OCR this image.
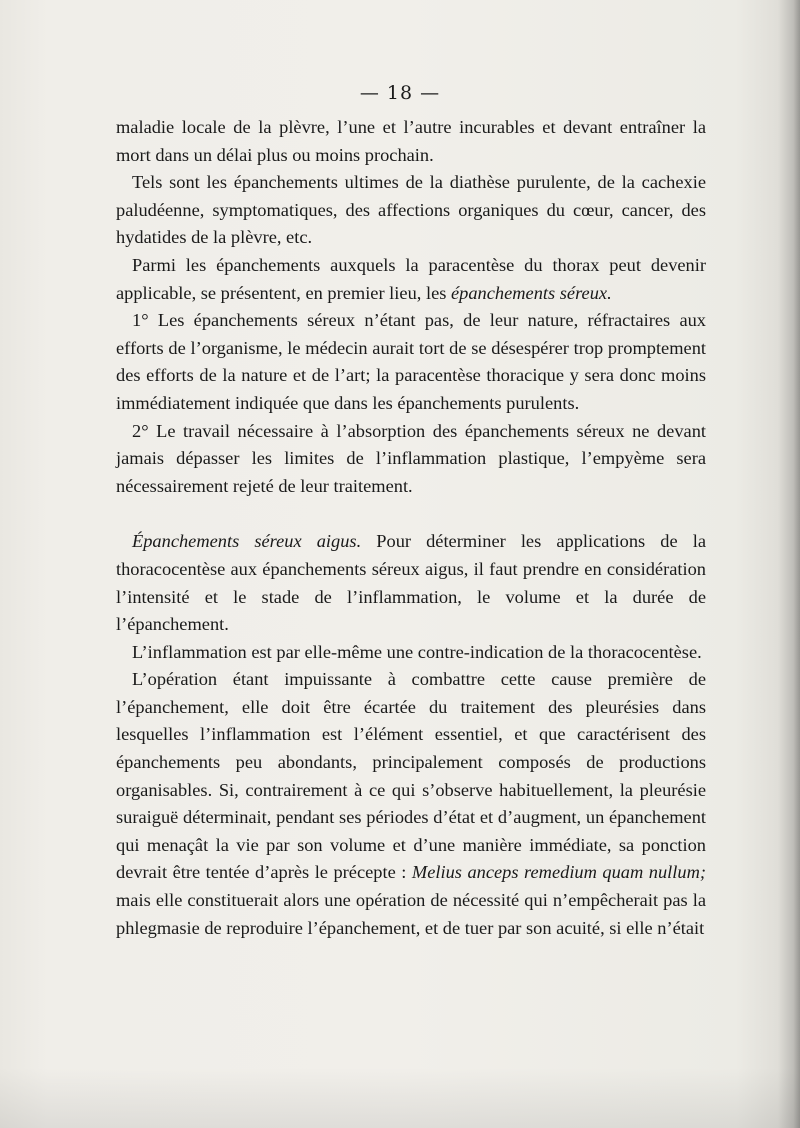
— 18 —

maladie locale de la plèvre, l’une et l’autre incurables et devant entraîner la mort dans un délai plus ou moins prochain.

Tels sont les épanchements ultimes de la diathèse purulente, de la cachexie paludéenne, symptomatiques, des affections organiques du cœur, cancer, des hydatides de la plèvre, etc.

Parmi les épanchements auxquels la paracentèse du thorax peut devenir applicable, se présentent, en premier lieu, les épanchements séreux.

1° Les épanchements séreux n’étant pas, de leur nature, réfractaires aux efforts de l’organisme, le médecin aurait tort de se désespérer trop promptement des efforts de la nature et de l’art; la paracentèse thoracique y sera donc moins immédiatement indiquée que dans les épanchements purulents.

2° Le travail nécessaire à l’absorption des épanchements séreux ne devant jamais dépasser les limites de l’inflammation plastique, l’empyème sera nécessairement rejeté de leur traitement.

Épanchements séreux aigus. Pour déterminer les applications de la thoracocentèse aux épanchements séreux aigus, il faut prendre en considération l’intensité et le stade de l’inflammation, le volume et la durée de l’épanchement.

L’inflammation est par elle-même une contre-indication de la thoracocentèse.

L’opération étant impuissante à combattre cette cause première de l’épanchement, elle doit être écartée du traitement des pleurésies dans lesquelles l’inflammation est l’élément essentiel, et que caractérisent des épanchements peu abondants, principalement composés de productions organisables. Si, contrairement à ce qui s’observe habituellement, la pleurésie suraiguë déterminait, pendant ses périodes d’état et d’augment, un épanchement qui menaçât la vie par son volume et d’une manière immédiate, sa ponction devrait être tentée d’après le précepte : Melius anceps remedium quam nullum; mais elle constituerait alors une opération de nécessité qui n’empêcherait pas la phlegmasie de reproduire l’épanchement, et de tuer par son acuité, si elle n’était
